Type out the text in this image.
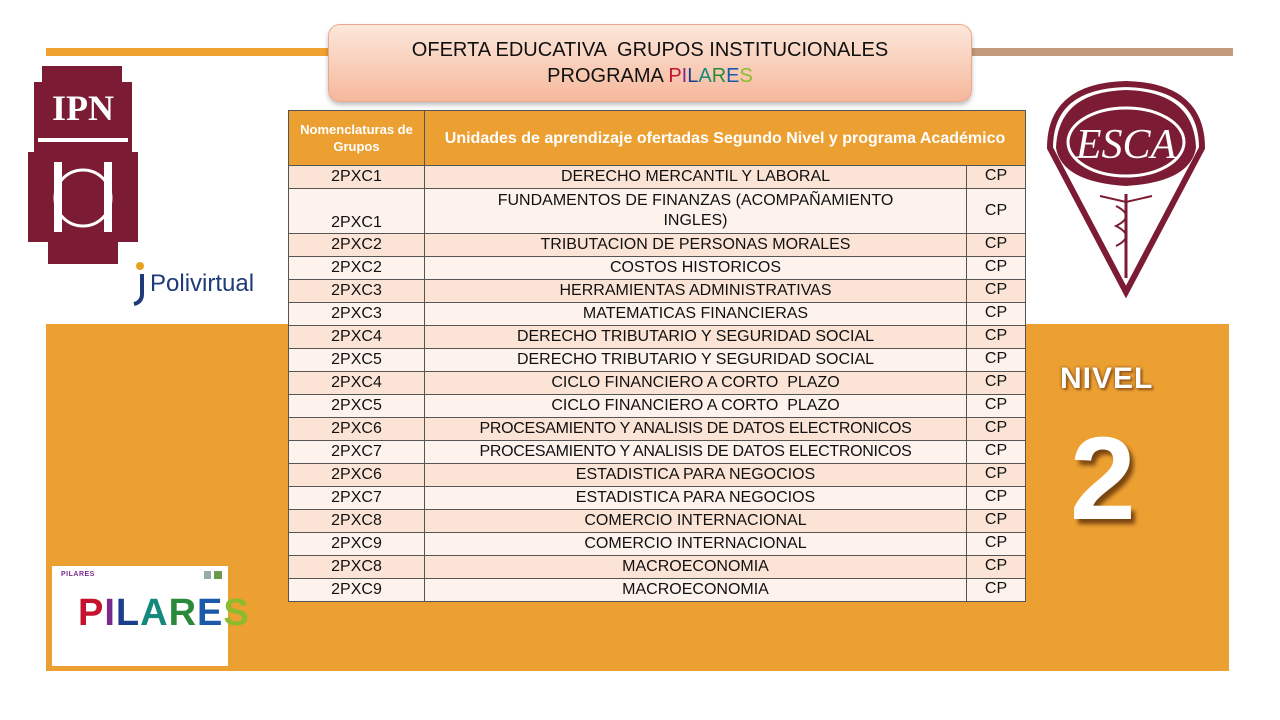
OFERTA EDUCATIVA  GRUPOS INSTITUCIONALES
PROGRAMA PILARES
IPN
Polivirtual
ESCA
Nomenclaturas de Grupos	Unidades de aprendizaje ofertadas Segundo Nivel y programa Académico	
2PXC1	DERECHO MERCANTIL Y LABORAL	CP
2PXC1	FUNDAMENTOS DE FINANZAS (ACOMPAÑAMIENTO INGLES)	CP
2PXC2	TRIBUTACION DE PERSONAS MORALES	CP
2PXC2	COSTOS HISTORICOS	CP
2PXC3	HERRAMIENTAS ADMINISTRATIVAS	CP
2PXC3	MATEMATICAS FINANCIERAS	CP
2PXC4	DERECHO TRIBUTARIO Y SEGURIDAD SOCIAL	CP
2PXC5	DERECHO TRIBUTARIO Y SEGURIDAD SOCIAL	CP
2PXC4	CICLO FINANCIERO A CORTO  PLAZO	CP
2PXC5	CICLO FINANCIERO A CORTO  PLAZO	CP
2PXC6	PROCESAMIENTO Y ANALISIS DE DATOS ELECTRONICOS	CP
2PXC7	PROCESAMIENTO Y ANALISIS DE DATOS ELECTRONICOS	CP
2PXC6	ESTADISTICA PARA NEGOCIOS	CP
2PXC7	ESTADISTICA PARA NEGOCIOS	CP
2PXC8	COMERCIO INTERNACIONAL	CP
2PXC9	COMERCIO INTERNACIONAL	CP
2PXC8	MACROECONOMIA	CP
2PXC9	MACROECONOMIA	CP
NIVEL
2
PILARES
PILARES
